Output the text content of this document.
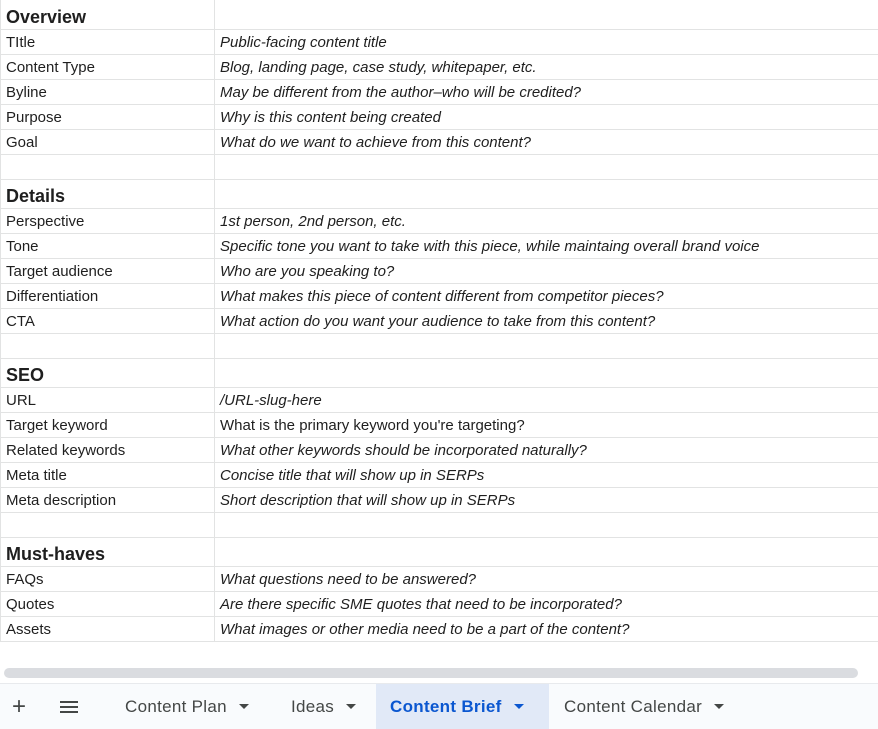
Overview	
TItle	Public-facing content title
Content Type	Blog, landing page, case study, whitepaper, etc.
Byline	May be different from the author–who will be credited?
Purpose	Why is this content being created
Goal	What do we want to achieve from this content?

Details	
Perspective	1st person, 2nd person, etc.
Tone	Specific tone you want to take with this piece, while maintaing overall brand voice
Target audience	Who are you speaking to?
Differentiation	What makes this piece of content different from competitor pieces?
CTA	What action do you want your audience to take from this content?

SEO	
URL	/URL-slug-here
Target keyword	What is the primary keyword you're targeting?
Related keywords	What other keywords should be incorporated naturally?
Meta title	Concise title that will show up in SERPs
Meta description	Short description that will show up in SERPs

Must-haves	
FAQs	What questions need to be answered?
Quotes	Are there specific SME quotes that need to be incorporated?
Assets	What images or other media need to be a part of the content?
+	Content Plan	Ideas	Content Brief	Content Calendar
